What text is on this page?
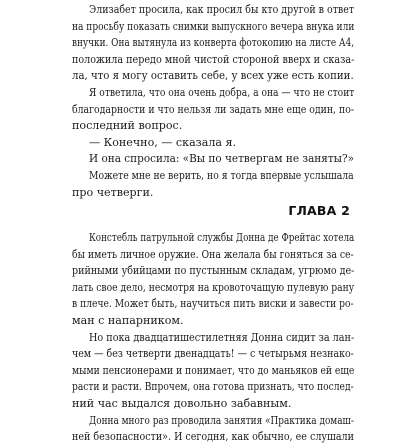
Элизабет просила, как просил бы кто другой в ответ
на просьбу показать снимки выпускного вечера внука или
внучки. Она вытянула из конверта фотокопию на листе А4,
положила передо мной чистой стороной вверх и сказа-
ла, что я могу оставить себе, у всех уже есть копии.
Я ответила, что она очень добра, а она — что не стоит
благодарности и что нельзя ли задать мне еще один, по-
последний вопрос.
— Конечно, — сказала я.
И она спросила: «Вы по четвергам не заняты?»
Можете мне не верить, но я тогда впервые услышала
про четверги.
ГЛАВА 2
Констебль патрульной службы Донна де Фрейтас хотела
бы иметь личное оружие. Она желала бы гоняться за се-
рийными убийцами по пустынным складам, угрюмо де-
лать свое дело, несмотря на кровоточащую пулевую рану
в плече. Может быть, научиться пить виски и завести ро-
ман с напарником.
Но пока двадцатишестилетняя Донна сидит за лан-
чем — без четверти двенадцать! — с четырьмя незнако-
мыми пенсионерами и понимает, что до маньяков ей еще
расти и расти. Впрочем, она готова признать, что послед-
ний час выдался довольно забавным.
Донна много раз проводила занятия «Практика домаш-
ней безопасности». И сегодня, как обычно, ее слушали
